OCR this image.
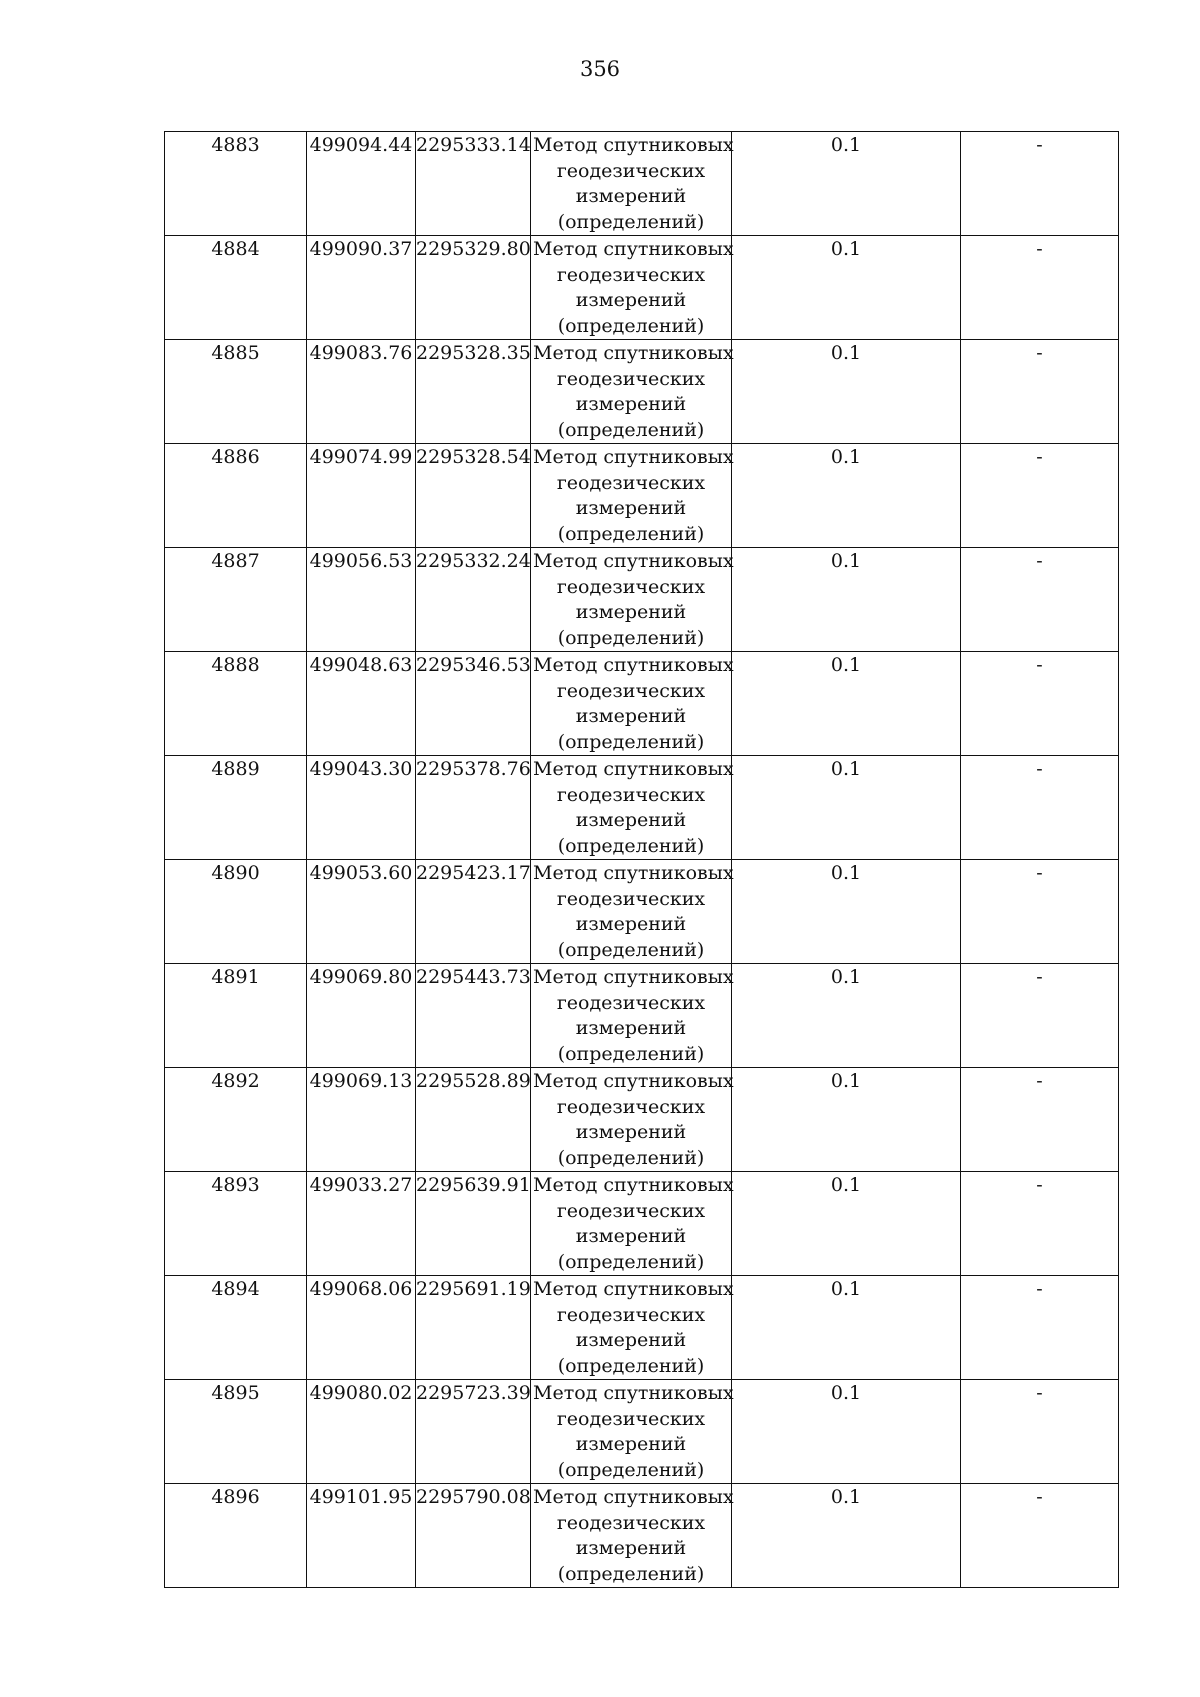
356
4883	499094.44	2295333.14	Метод спутниковых
геодезических
измерений
(определений)	0.1	-

4884	499090.37	2295329.80	Метод спутниковых
геодезических
измерений
(определений)	0.1	-

4885	499083.76	2295328.35	Метод спутниковых
геодезических
измерений
(определений)	0.1	-

4886	499074.99	2295328.54	Метод спутниковых
геодезических
измерений
(определений)	0.1	-

4887	499056.53	2295332.24	Метод спутниковых
геодезических
измерений
(определений)	0.1	-

4888	499048.63	2295346.53	Метод спутниковых
геодезических
измерений
(определений)	0.1	-

4889	499043.30	2295378.76	Метод спутниковых
геодезических
измерений
(определений)	0.1	-

4890	499053.60	2295423.17	Метод спутниковых
геодезических
измерений
(определений)	0.1	-

4891	499069.80	2295443.73	Метод спутниковых
геодезических
измерений
(определений)	0.1	-

4892	499069.13	2295528.89	Метод спутниковых
геодезических
измерений
(определений)	0.1	-

4893	499033.27	2295639.91	Метод спутниковых
геодезических
измерений
(определений)	0.1	-

4894	499068.06	2295691.19	Метод спутниковых
геодезических
измерений
(определений)	0.1	-

4895	499080.02	2295723.39	Метод спутниковых
геодезических
измерений
(определений)	0.1	-

4896	499101.95	2295790.08	Метод спутниковых
геодезических
измерений
(определений)	0.1	-
